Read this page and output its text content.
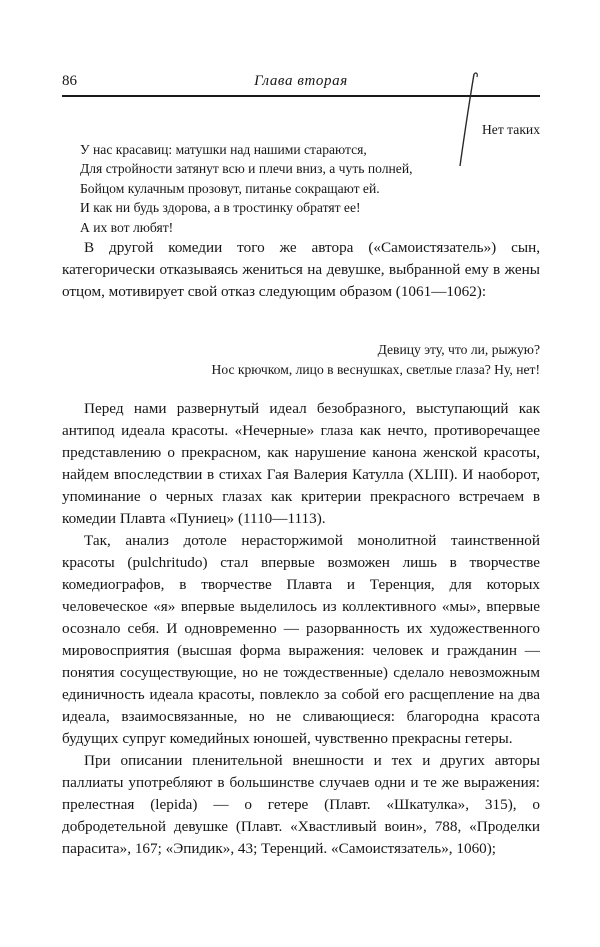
86	Глава вторая
Нет таких
У нас красавиц: матушки над нашими стараются,
Для стройности затянут всю и плечи вниз, а чуть полней,
Бойцом кулачным прозовут, питанье сокращают ей.
И как ни будь здорова, а в тростинку обратят ее!
А их вот любят!

В другой комедии того же автора («Самоистязатель») сын, категорически отказываясь жениться на девушке, выбранной ему в жены отцом, мотивирует свой отказ следующим образом (1061—1062):

Девицу эту, что ли, рыжую?
Нос крючком, лицо в веснушках, светлые глаза? Ну, нет!

Перед нами развернутый идеал безобразного, выступающий как антипод идеала красоты. «Нечерные» глаза как нечто, противоречащее представлению о прекрасном, как нарушение канона женской красоты, найдем впоследствии в стихах Гая Валерия Катулла (XLIII). И наоборот, упоминание о черных глазах как критерии прекрасного встречаем в комедии Плавта «Пуниец» (1110—1113).

Так, анализ дотоле нерасторжимой монолитной таинственной красоты (pulchritudo) стал впервые возможен лишь в творчестве комедиографов, в творчестве Плавта и Теренция, для которых человеческое «я» впервые выделилось из коллективного «мы», впервые осознало себя. И одновременно — разорванность их художественного мировосприятия (высшая форма выражения: человек и гражданин — понятия сосуществующие, но не тождественные) сделало невозможным единичность идеала красоты, повлекло за собой его расщепление на два идеала, взаимосвязанные, но не сливающиеся: благородна красота будущих супруг комедийных юношей, чувственно прекрасны гетеры.

При описании пленительной внешности и тех и других авторы паллиаты употребляют в большинстве случаев одни и те же выражения: прелестная (lepida) — о гетере (Плавт. «Шкатулка», 315), о добродетельной девушке (Плавт. «Хвастливый воин», 788, «Проделки парасита», 167; «Эпидик», 43; Теренций. «Самоистязатель», 1060);
